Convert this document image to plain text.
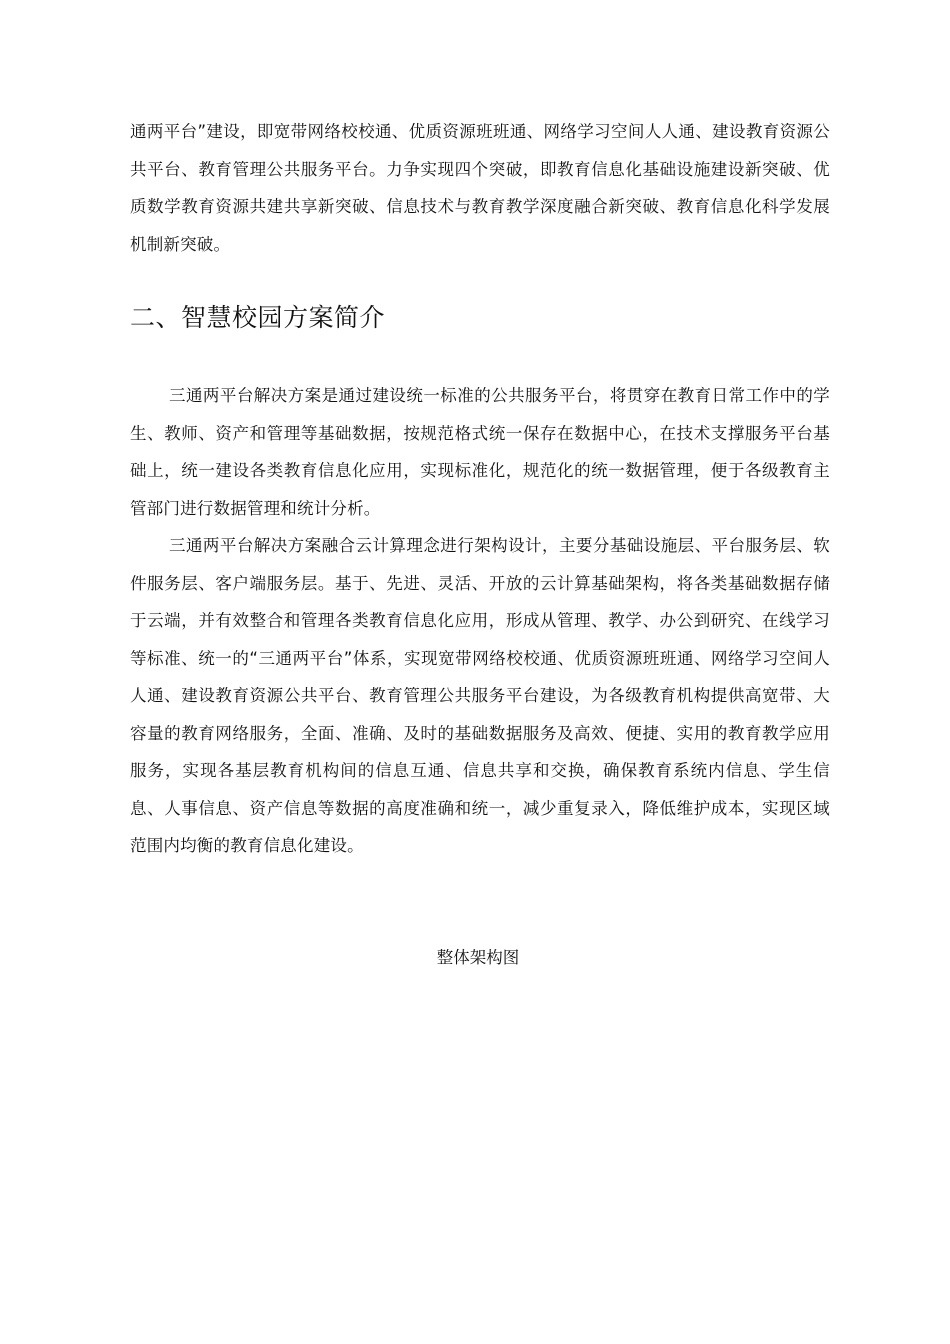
通两平台”建设，即宽带网络校校通、优质资源班班通、网络学习空间人人通、建设教育资源公共平台、教育管理公共服务平台。力争实现四个突破，即教育信息化基础设施建设新突破、优质数学教育资源共建共享新突破、信息技术与教育教学深度融合新突破、教育信息化科学发展机制新突破。

二、智慧校园方案简介

三通两平台解决方案是通过建设统一标准的公共服务平台，将贯穿在教育日常工作中的学生、教师、资产和管理等基础数据，按规范格式统一保存在数据中心，在技术支撑服务平台基础上，统一建设各类教育信息化应用，实现标准化，规范化的统一数据管理，便于各级教育主管部门进行数据管理和统计分析。

三通两平台解决方案融合云计算理念进行架构设计，主要分基础设施层、平台服务层、软件服务层、客户端服务层。基于、先进、灵活、开放的云计算基础架构，将各类基础数据存储于云端，并有效整合和管理各类教育信息化应用，形成从管理、教学、办公到研究、在线学习等标准、统一的“三通两平台”体系，实现宽带网络校校通、优质资源班班通、网络学习空间人人通、建设教育资源公共平台、教育管理公共服务平台建设，为各级教育机构提供高宽带、大容量的教育网络服务，全面、准确、及时的基础数据服务及高效、便捷、实用的教育教学应用服务，实现各基层教育机构间的信息互通、信息共享和交换，确保教育系统内信息、学生信息、人事信息、资产信息等数据的高度准确和统一，减少重复录入，降低维护成本，实现区域范围内均衡的教育信息化建设。

整体架构图
